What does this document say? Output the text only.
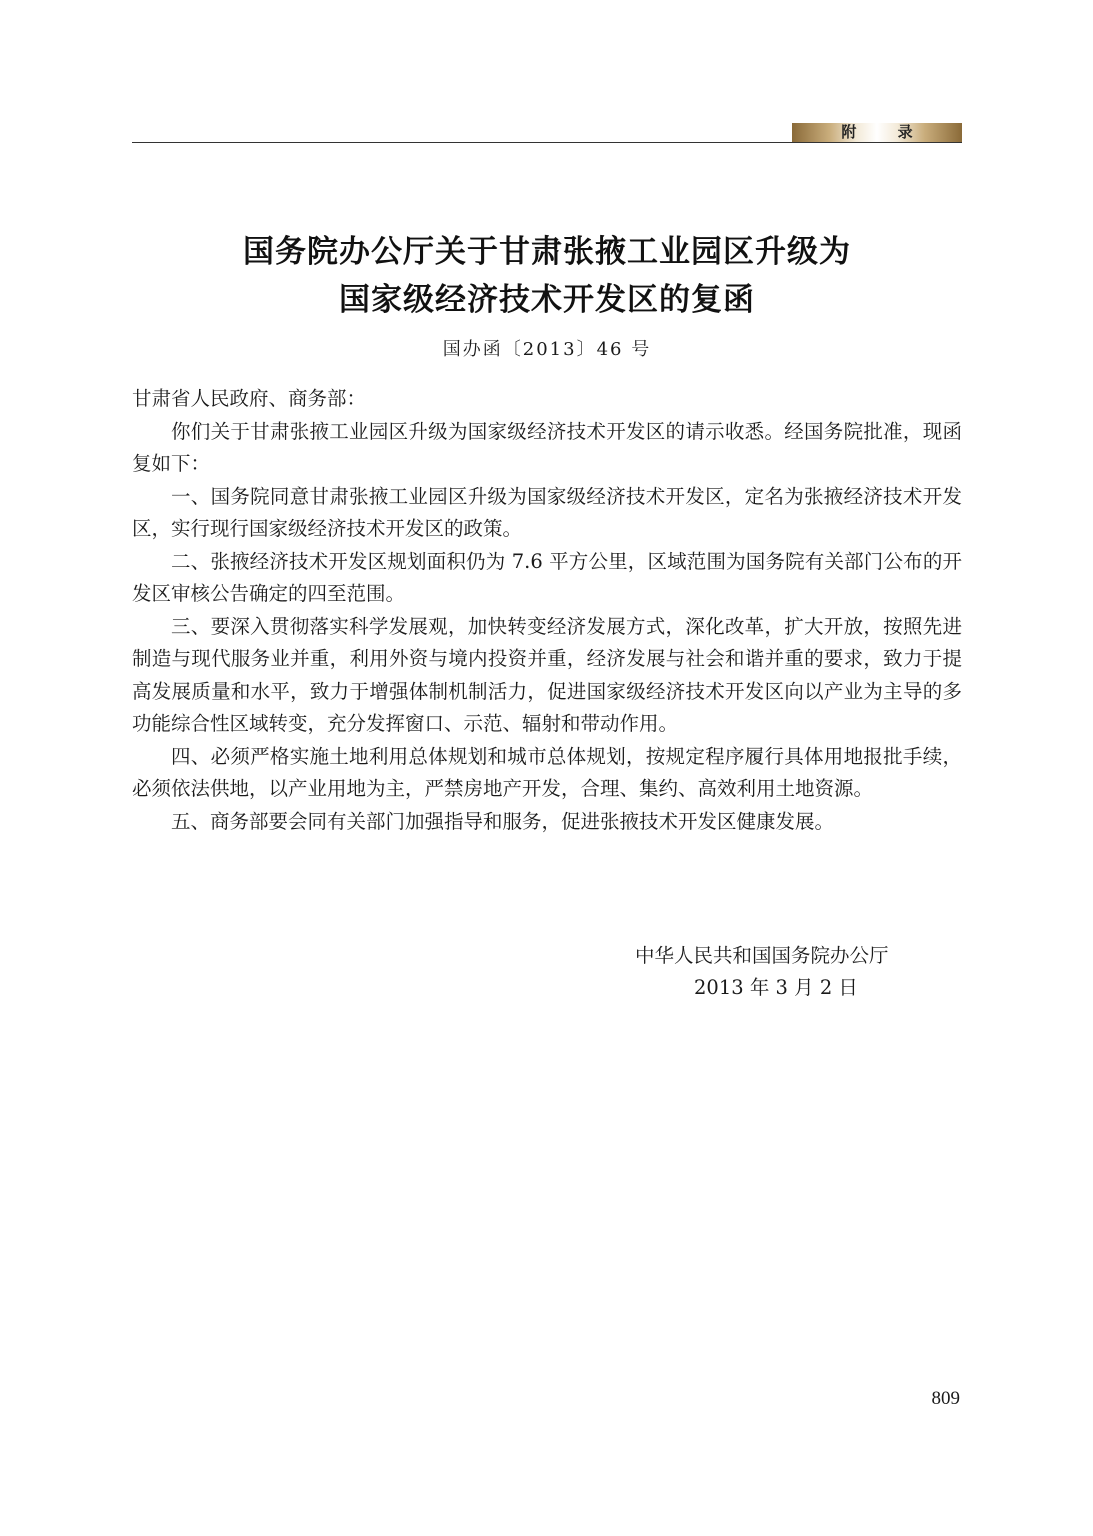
附 录
国务院办公厅关于甘肃张掖工业园区升级为
国家级经济技术开发区的复函
国办函〔2013〕46 号

甘肃省人民政府、商务部：

你们关于甘肃张掖工业园区升级为国家级经济技术开发区的请示收悉。经国务院批准，现函复如下：

一、国务院同意甘肃张掖工业园区升级为国家级经济技术开发区，定名为张掖经济技术开发区，实行现行国家级经济技术开发区的政策。

二、张掖经济技术开发区规划面积仍为 7.6 平方公里，区域范围为国务院有关部门公布的开发区审核公告确定的四至范围。

三、要深入贯彻落实科学发展观，加快转变经济发展方式，深化改革，扩大开放，按照先进制造与现代服务业并重，利用外资与境内投资并重，经济发展与社会和谐并重的要求，致力于提高发展质量和水平，致力于增强体制机制活力，促进国家级经济技术开发区向以产业为主导的多功能综合性区域转变，充分发挥窗口、示范、辐射和带动作用。

四、必须严格实施土地利用总体规划和城市总体规划，按规定程序履行具体用地报批手续，必须依法供地，以产业用地为主，严禁房地产开发，合理、集约、高效利用土地资源。

五、商务部要会同有关部门加强指导和服务，促进张掖技术开发区健康发展。

中华人民共和国国务院办公厅
2013 年 3 月 2 日
809
